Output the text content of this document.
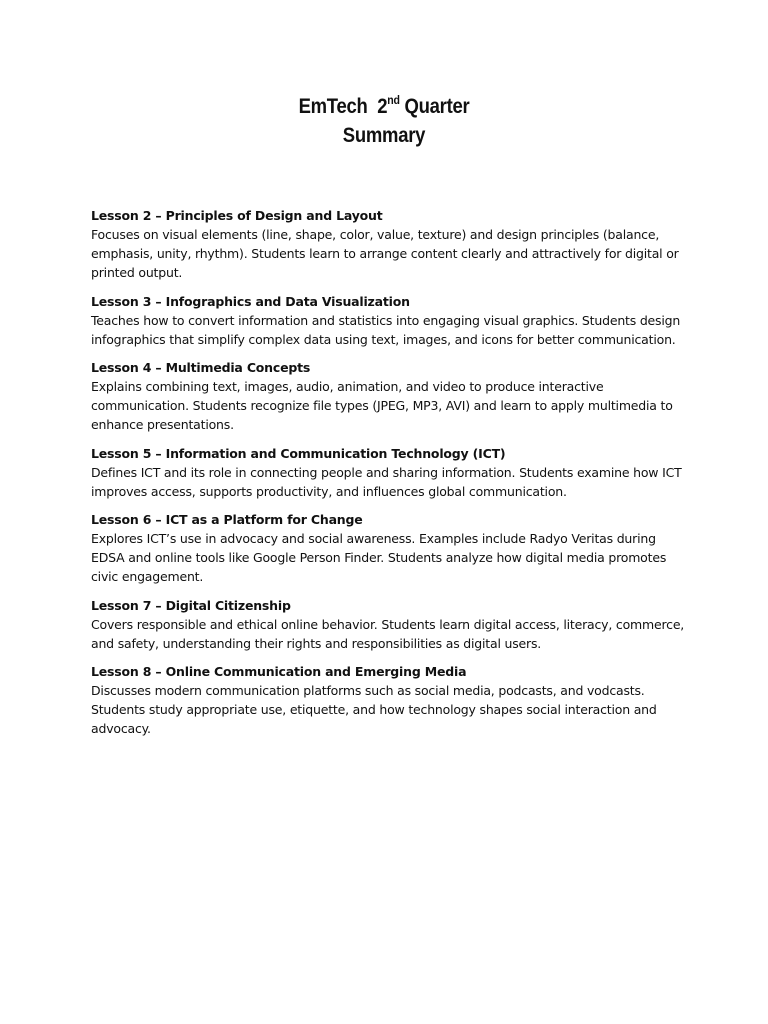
EmTech  2nd Quarter
Summary
Lesson 2 – Principles of Design and Layout
Focuses on visual elements (line, shape, color, value, texture) and design principles (balance, emphasis, unity, rhythm). Students learn to arrange content clearly and attractively for digital or printed output.
Lesson 3 – Infographics and Data Visualization
Teaches how to convert information and statistics into engaging visual graphics. Students design infographics that simplify complex data using text, images, and icons for better communication.
Lesson 4 – Multimedia Concepts
Explains combining text, images, audio, animation, and video to produce interactive communication. Students recognize file types (JPEG, MP3, AVI) and learn to apply multimedia to enhance presentations.
Lesson 5 – Information and Communication Technology (ICT)
Defines ICT and its role in connecting people and sharing information. Students examine how ICT improves access, supports productivity, and influences global communication.
Lesson 6 – ICT as a Platform for Change
Explores ICT’s use in advocacy and social awareness. Examples include Radyo Veritas during EDSA and online tools like Google Person Finder. Students analyze how digital media promotes civic engagement.
Lesson 7 – Digital Citizenship
Covers responsible and ethical online behavior. Students learn digital access, literacy, commerce, and safety, understanding their rights and responsibilities as digital users.
Lesson 8 – Online Communication and Emerging Media
Discusses modern communication platforms such as social media, podcasts, and vodcasts. Students study appropriate use, etiquette, and how technology shapes social interaction and advocacy.
